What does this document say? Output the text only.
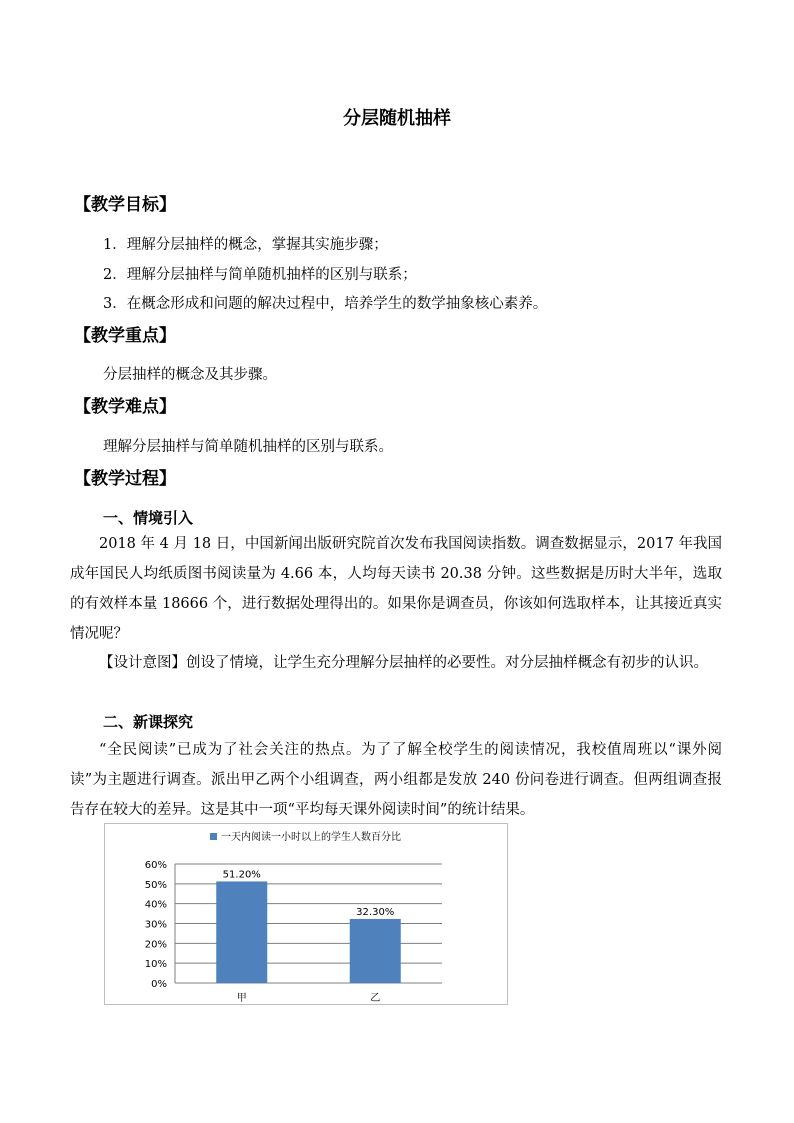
分层随机抽样
【教学目标】
1．理解分层抽样的概念，掌握其实施步骤；
2．理解分层抽样与简单随机抽样的区别与联系；
3．在概念形成和问题的解决过程中，培养学生的数学抽象核心素养。
【教学重点】
分层抽样的概念及其步骤。
【教学难点】
理解分层抽样与简单随机抽样的区别与联系。
【教学过程】
一、情境引入

2018 年 4 月 18 日，中国新闻出版研究院首次发布我国阅读指数。调查数据显示，2017 年我国成年国民人均纸质图书阅读量为 4.66 本，人均每天读书 20.38 分钟。这些数据是历时大半年，选取的有效样本量 18666 个，进行数据处理得出的。如果你是调查员，你该如何选取样本，让其接近真实情况呢？

【设计意图】创设了情境，让学生充分理解分层抽样的必要性。对分层抽样概念有初步的认识。

二、新课探究

“全民阅读”已成为了社会关注的热点。为了了解全校学生的阅读情况，我校值周班以“课外阅读”为主题进行调查。派出甲乙两个小组调查，两小组都是发放 240 份问卷进行调查。但两组调查报告存在较大的差异。这是其中一项“平均每天课外阅读时间”的统计结果。

一天内阅读一小时以上的学生人数百分比
0%
10%
20%
30%
40%
50%
60%
51.20%
甲
32.30%
乙
